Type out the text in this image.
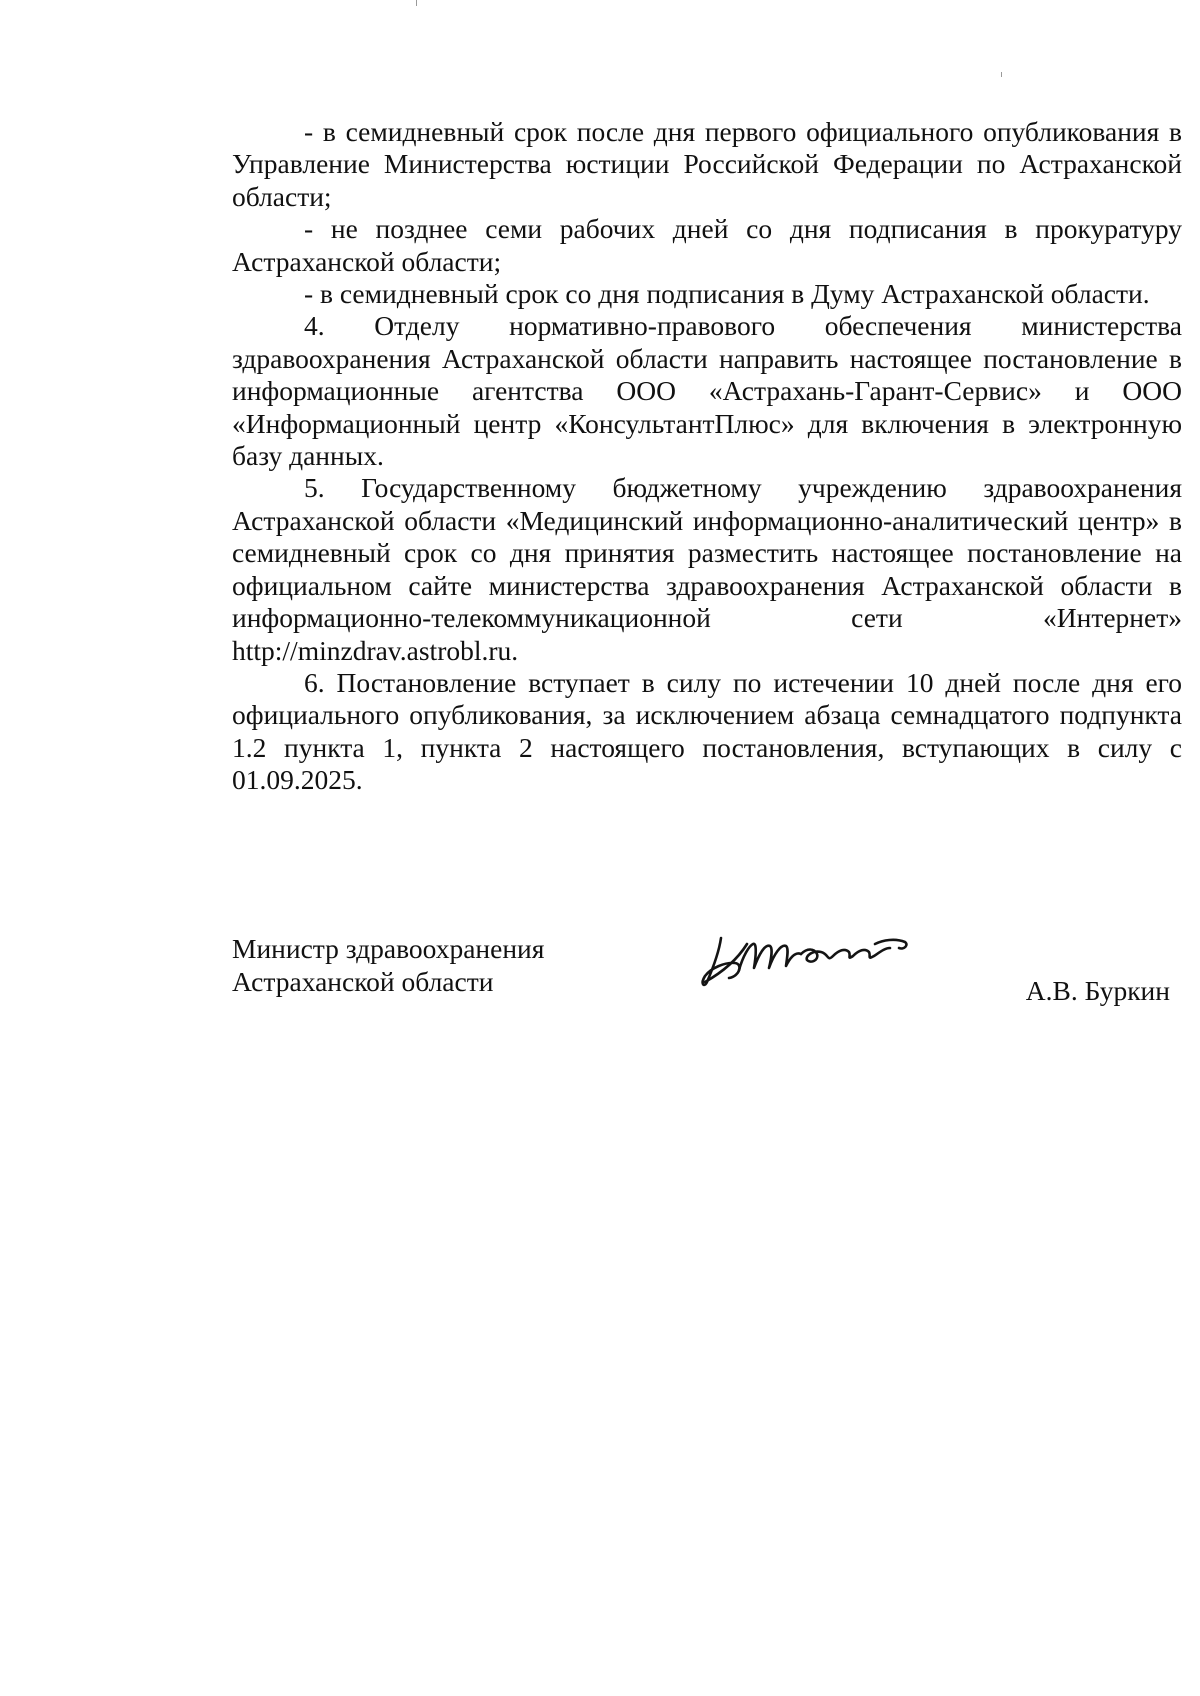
- в семидневный срок после дня первого официального опубликования в Управление Министерства юстиции Российской Федерации по Астраханской области;

- не позднее семи рабочих дней со дня подписания в прокуратуру Астраханской области;

- в семидневный срок со дня подписания в Думу Астраханской области.

4. Отделу нормативно-правового обеспечения министерства здравоохранения Астраханской области направить настоящее постановление в информационные агентства ООО «Астрахань-Гарант-Сервис» и ООО «Информационный центр «КонсультантПлюс» для включения в электронную базу данных.

5. Государственному бюджетному учреждению здравоохранения Астраханской области «Медицинский информационно-аналитический центр» в семидневный срок со дня принятия разместить настоящее постановление на официальном сайте министерства здравоохранения Астраханской области в информационно-телекоммуникационной сети «Интернет» http://minzdrav.astrobl.ru.

6. Постановление вступает в силу по истечении 10 дней после дня его официального опубликования, за исключением абзаца семнадцатого подпункта 1.2 пункта 1, пункта 2 настоящего постановления, вступающих в силу с 01.09.2025.

Министр здравоохранения
Астраханской области	А.В. Буркин
